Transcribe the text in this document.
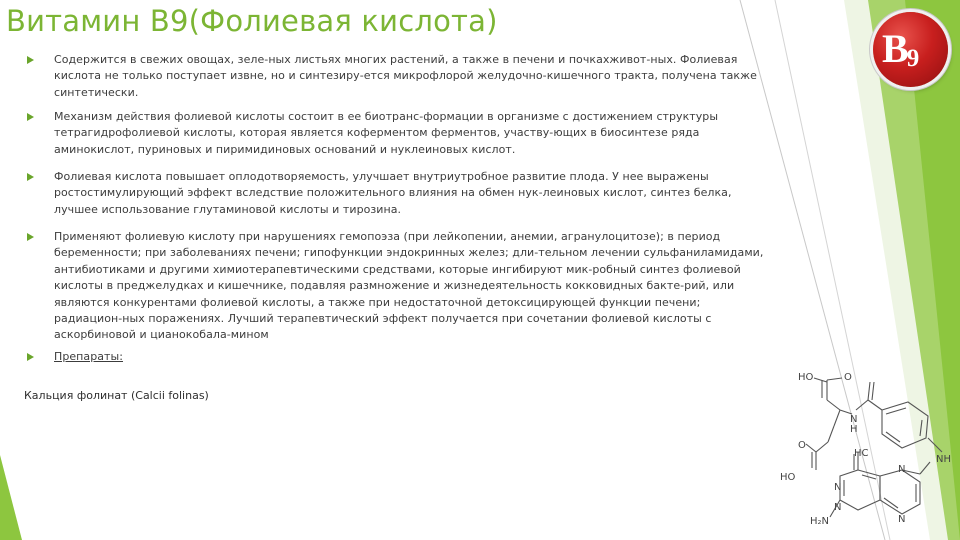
Витамин B9(Фолиевая кислота)
B9

Содержится в свежих овощах, зеле-ных листьях многих растений, а также в печени и почкахживот-ных. Фолиевая кислота не только поступает извне, но и синтезиру-ется микрофлорой желудочно-кишечного тракта, получена также синтетически.

Механизм действия фолиевой кислоты состоит в ее биотранс-формации в организме с достижением структуры тетрагидрофолиевой кислоты, которая является коферментом ферментов, участву-ющих в биосинтезе ряда аминокислот, пуриновых и пиримидиновых оснований и нуклеиновых кислот.

Фолиевая кислота повышает оплодотворяемость, улучшает внутриутробное развитие плода. У нее выражены ростостимулирующий эффект вследствие положительного влияния на обмен нук-леиновых кислот, синтез белка, лучшее использование глутаминовой кислоты и тирозина.

Применяют фолиевую кислоту при нарушениях гемопоэза (при лейкопении, анемии, агранулоцитозе); в период беременности; при заболеваниях печени; гипофункции эндокринных желез; дли-тельном лечении сульфаниламидами, антибиотиками и другими химиотерапевтическими средствами, которые ингибируют мик-робный синтез фолиевой кислоты в преджелудках и кишечнике, подавляя размножение и жизнедеятельность кокковидных бакте-рий, или являются конкурентами фолиевой кислоты, а также при недостаточной детоксицирующей функции печени; радиацион-ных поражениях. Лучший терапевтический эффект получается при сочетании фолиевой кислоты с аскорбиновой и цианокобала-мином

Препараты:

Кальция фолинат (Calcii folinas)
HO	O
N
H
O
HO
HC
NH
N
N
N
N
H₂N
